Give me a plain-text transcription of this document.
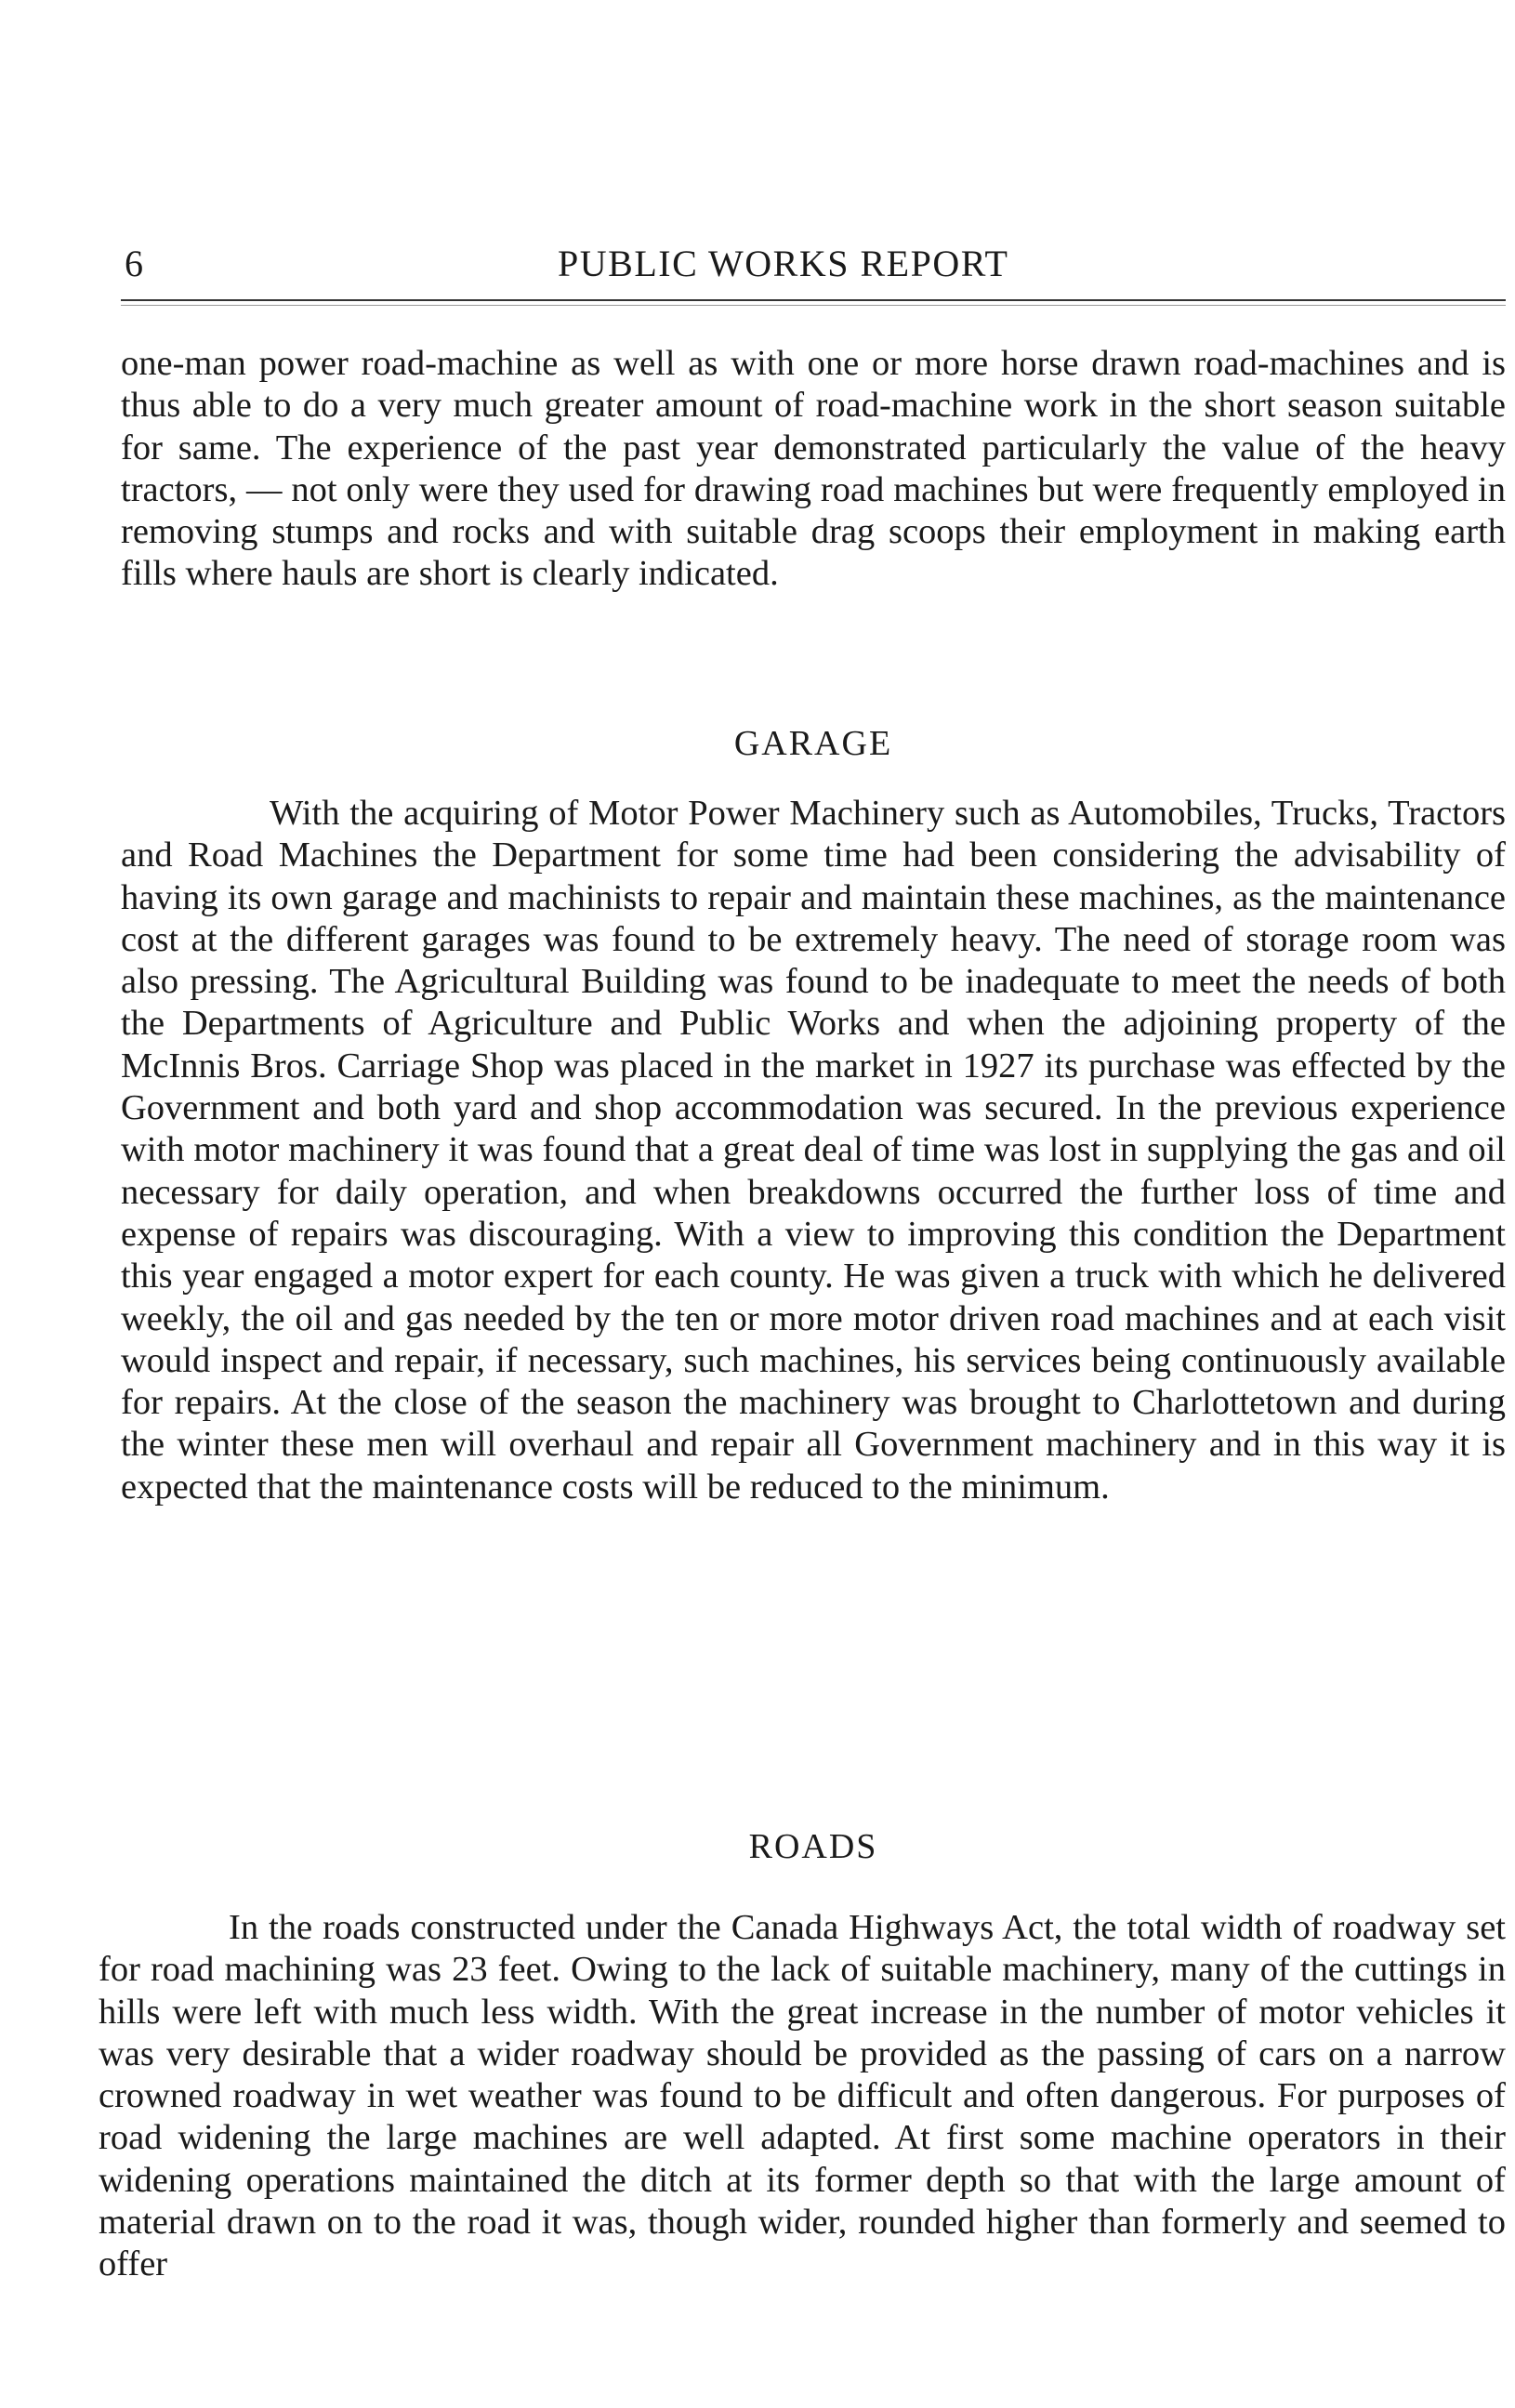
6	PUBLIC WORKS REPORT

one-man power road-machine as well as with one or more horse drawn road-machines and is thus able to do a very much greater amount of road-machine work in the short season suitable for same. The experience of the past year demonstrated particularly the value of the heavy tractors, — not only were they used for drawing road machines but were frequently employed in removing stumps and rocks and with suitable drag scoops their employment in making earth fills where hauls are short is clearly indicated.

GARAGE

With the acquiring of Motor Power Machinery such as Automobiles, Trucks, Tractors and Road Machines the Department for some time had been considering the advisability of having its own garage and machinists to repair and maintain these machines, as the maintenance cost at the different garages was found to be extremely heavy. The need of storage room was also pressing. The Agricultural Building was found to be inadequate to meet the needs of both the Departments of Agriculture and Public Works and when the adjoining property of the McInnis Bros. Carriage Shop was placed in the market in 1927 its purchase was effected by the Government and both yard and shop accommodation was secured. In the previous experience with motor machinery it was found that a great deal of time was lost in supplying the gas and oil necessary for daily operation, and when breakdowns occurred the further loss of time and expense of repairs was discouraging. With a view to improving this condition the Department this year engaged a motor expert for each county. He was given a truck with which he delivered weekly, the oil and gas needed by the ten or more motor driven road machines and at each visit would inspect and repair, if necessary, such machines, his services being continuously available for repairs. At the close of the season the machinery was brought to Charlottetown and during the winter these men will overhaul and repair all Government machinery and in this way it is expected that the maintenance costs will be reduced to the minimum.

ROADS

In the roads constructed under the Canada Highways Act, the total width of roadway set for road machining was 23 feet. Owing to the lack of suitable machinery, many of the cuttings in hills were left with much less width. With the great increase in the number of motor vehicles it was very desirable that a wider roadway should be provided as the passing of cars on a narrow crowned roadway in wet weather was found to be difficult and often dangerous. For purposes of road widening the large machines are well adapted. At first some machine operators in their widening operations maintained the ditch at its former depth so that with the large amount of material drawn on to the road it was, though wider, rounded higher than formerly and seemed to offer
